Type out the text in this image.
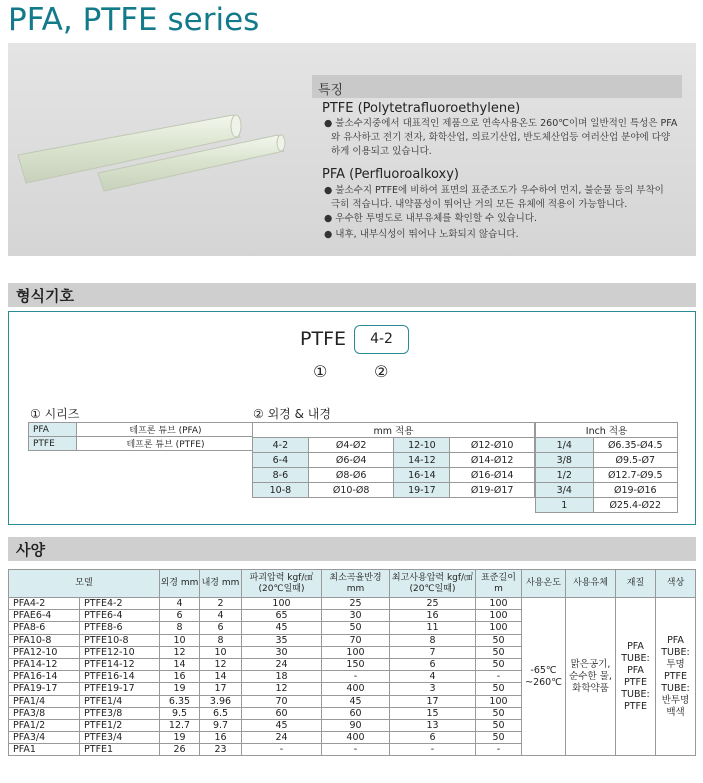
PFA, PTFE series
특징
PTFE (Polytetrafluoroethylene)
● 불소수지중에서 대표적인 제품으로 연속사용온도 260℃이며 일반적인 특성은 PFA
와 유사하고 전기 전자, 화학산업, 의료기산업, 반도체산업등 여러산업 분야에 다양
하게 이용되고 있습니다.
PFA (Perfluoroalkoxy)
● 불소수지 PTFE에 비하여 표면의 표준조도가 우수하여 먼지, 불순물 등의 부착이
극히 적습니다. 내약품성이 뛰어난 거의 모든 유체에 적용이 가능합니다.
● 우수한 투명도로 내부유체를 확인할 수 있습니다.
● 내후, 내부식성이 뛰어나 노화되지 않습니다.
형식기호
PTFE	4-2
①	②
① 시리즈
PFA	테프론 튜브 (PFA)
PTFE	테프론 튜브 (PTFE)
② 외경 & 내경
mm 적용			
4-2	Ø4-Ø2	12-10	Ø12-Ø10
6-4	Ø6-Ø4	14-12	Ø14-Ø12
8-6	Ø8-Ø6	16-14	Ø16-Ø14
10-8	Ø10-Ø8	19-17	Ø19-Ø17
Inch 적용	
1/4	Ø6.35-Ø4.5
3/8	Ø9.5-Ø7
1/2	Ø12.7-Ø9.5
3/4	Ø19-Ø16
1	Ø25.4-Ø22
사양
모델		외경 mm	내경 mm	파괴압력 kgf/㎠ (20℃일때)	최소곡율반경 mm	최고사용압력 kgf/㎠ (20℃일때)	표준길이 m	사용온도	사용유체	재질	색상
PFA4-2	PTFE4-2	4	2	100	25	25	100	-65℃ ~260℃	맑은공기, 순수한 물, 화학약품	PFA TUBE: PFA PTFE TUBE: PTFE	PFA TUBE: 투명 PTFE TUBE: 반투명 백색
PFAE6-4	PTFE6-4	6	4	65	30	16	100				
PFA8-6	PTFE8-6	8	6	45	50	11	100				
PFA10-8	PTFE10-8	10	8	35	70	8	50				
PFA12-10	PTFE12-10	12	10	30	100	7	50				
PFA14-12	PTFE14-12	14	12	24	150	6	50				
PFA16-14	PTFE16-14	16	14	18	-	4	-				
PFA19-17	PTFE19-17	19	17	12	400	3	50				
PFA1/4	PTFE1/4	6.35	3.96	70	45	17	100				
PFA3/8	PTFE3/8	9.5	6.5	60	60	15	50				
PFA1/2	PTFE1/2	12.7	9.7	45	90	13	50				
PFA3/4	PTFE3/4	19	16	24	400	6	50				
PFA1	PTFE1	26	23	-	-	-	-				
